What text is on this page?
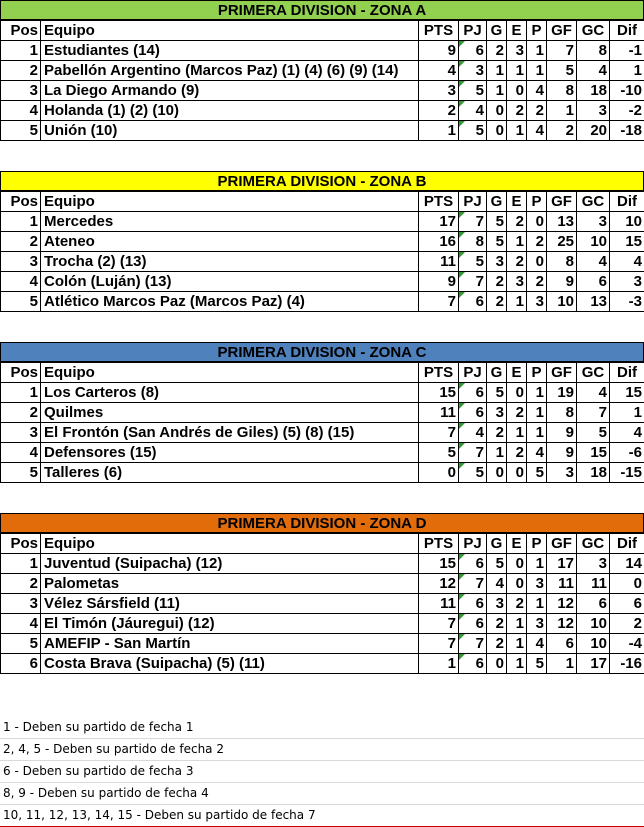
PRIMERA DIVISION - ZONA A
Pos	Equipo	PTS	PJ	G	E	P	GF	GC	Dif
1	Estudiantes (14)	9	6	2	3	1	7	8	-1
2	Pabellón Argentino (Marcos Paz) (1) (4) (6) (9) (14)	4	3	1	1	1	5	4	1
3	La Diego Armando (9)	3	5	1	0	4	8	18	-10
4	Holanda (1) (2) (10)	2	4	0	2	2	1	3	-2
5	Unión (10)	1	5	0	1	4	2	20	-18
PRIMERA DIVISION - ZONA B
Pos	Equipo	PTS	PJ	G	E	P	GF	GC	Dif
1	Mercedes	17	7	5	2	0	13	3	10
2	Ateneo	16	8	5	1	2	25	10	15
3	Trocha (2) (13)	11	5	3	2	0	8	4	4
4	Colón (Luján) (13)	9	7	2	3	2	9	6	3
5	Atlético Marcos Paz (Marcos Paz) (4)	7	6	2	1	3	10	13	-3
PRIMERA DIVISION - ZONA C
Pos	Equipo	PTS	PJ	G	E	P	GF	GC	Dif
1	Los Carteros (8)	15	6	5	0	1	19	4	15
2	Quilmes	11	6	3	2	1	8	7	1
3	El Frontón (San Andrés de Giles) (5) (8) (15)	7	4	2	1	1	9	5	4
4	Defensores (15)	5	7	1	2	4	9	15	-6
5	Talleres (6)	0	5	0	0	5	3	18	-15
PRIMERA DIVISION - ZONA D
Pos	Equipo	PTS	PJ	G	E	P	GF	GC	Dif
1	Juventud (Suipacha) (12)	15	6	5	0	1	17	3	14
2	Palometas	12	7	4	0	3	11	11	0
3	Vélez Sársfield (11)	11	6	3	2	1	12	6	6
4	El Timón (Jáuregui) (12)	7	6	2	1	3	12	10	2
5	AMEFIP - San Martín	7	7	2	1	4	6	10	-4
6	Costa Brava (Suipacha) (5) (11)	1	6	0	1	5	1	17	-16
1 - Deben su partido de fecha 1
2, 4, 5 - Deben su partido de fecha 2
6 - Deben su partido de fecha 3
8, 9 - Deben su partido de fecha 4
10, 11, 12, 13, 14, 15 - Deben su partido de fecha 7
